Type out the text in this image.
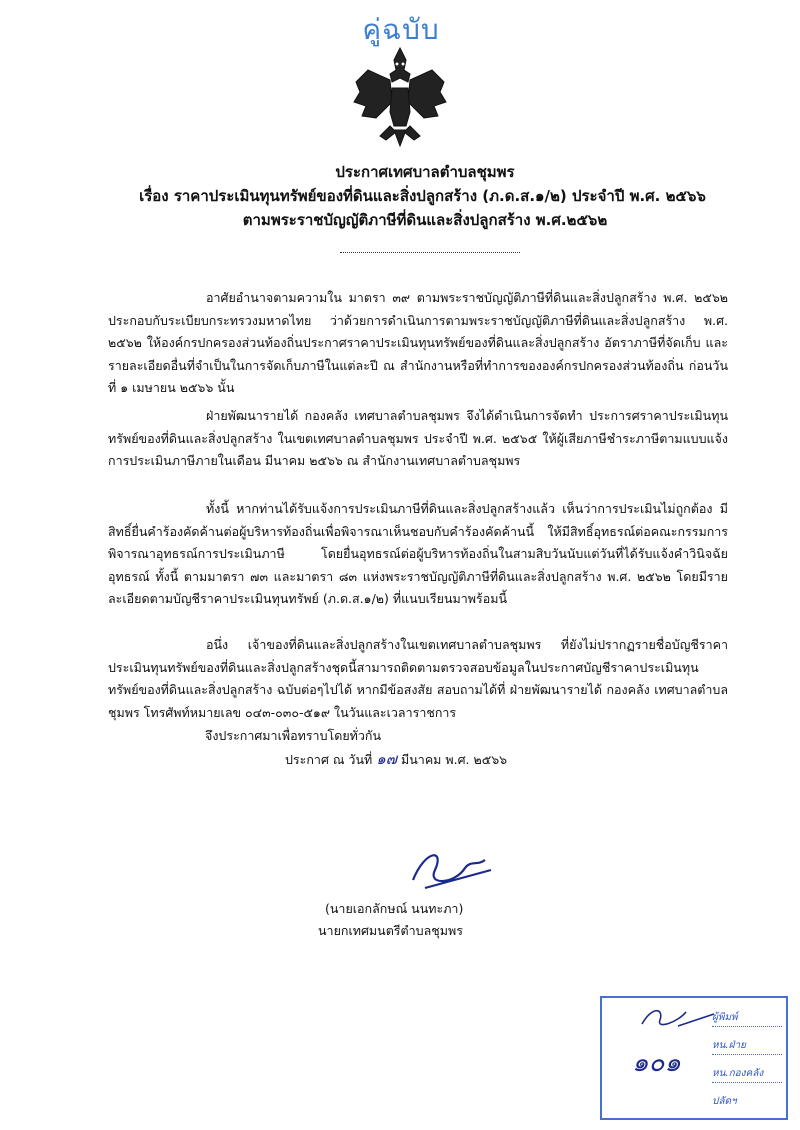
คู่ฉบับ
ประกาศเทศบาลตำบลชุมพร
เรื่อง ราคาประเมินทุนทรัพย์ของที่ดินและสิ่งปลูกสร้าง (ภ.ด.ส.๑/๒) ประจำปี พ.ศ. ๒๕๖๖
ตามพระราชบัญญัติภาษีที่ดินและสิ่งปลูกสร้าง พ.ศ.๒๕๖๒
อาศัยอำนาจตามความใน มาตรา ๓๙ ตามพระราชบัญญัติภาษีที่ดินและสิ่งปลูกสร้าง พ.ศ. ๒๕๖๒ ประกอบกับระเบียบกระทรวงมหาดไทย ว่าด้วยการดำเนินการตามพระราชบัญญัติภาษีที่ดินและสิ่งปลูกสร้าง พ.ศ. ๒๕๖๒ ให้องค์กรปกครองส่วนท้องถิ่นประกาศราคาประเมินทุนทรัพย์ของที่ดินและสิ่งปลูกสร้าง อัตราภาษีที่จัดเก็บ และรายละเอียดอื่นที่จำเป็นในการจัดเก็บภาษีในแต่ละปี ณ สำนักงานหรือที่ทำการขององค์กรปกครองส่วนท้องถิ่น ก่อนวันที่ ๑ เมษายน ๒๕๖๖ นั้น
ฝ่ายพัฒนารายได้ กองคลัง เทศบาลตำบลชุมพร จึงได้ดำเนินการจัดทำ ประการศราคาประเมินทุนทรัพย์ของที่ดินและสิ่งปลูกสร้าง ในเขตเทศบาลตำบลชุมพร ประจำปี พ.ศ. ๒๕๖๕ ให้ผู้เสียภาษีชำระภาษีตามแบบแจ้งการประเมินภาษีภายในเดือน มีนาคม ๒๕๖๖ ณ สำนักงานเทศบาลตำบลชุมพร
ทั้งนี้ หากท่านได้รับแจ้งการประเมินภาษีที่ดินและสิ่งปลูกสร้างแล้ว เห็นว่าการประเมินไม่ถูกต้อง มีสิทธิ์ยื่นคำร้องคัดค้านต่อผู้บริหารท้องถิ่นเพื่อพิจารณาเห็นชอบกับคำร้องคัดค้านนี้ ให้มีสิทธิ์อุทธรณ์ต่อคณะกรรมการพิจารณาอุทธรณ์การประเมินภาษี โดยยื่นอุทธรณ์ต่อผู้บริหารท้องถิ่นในสามสิบวันนับแต่วันที่ได้รับแจ้งคำวินิจฉัยอุทธรณ์ ทั้งนี้ ตามมาตรา ๗๓ และมาตรา ๘๓ แห่งพระราชบัญญัติภาษีที่ดินและสิ่งปลูกสร้าง พ.ศ. ๒๕๖๒ โดยมีรายละเอียดตามบัญชีราคาประเมินทุนทรัพย์ (ภ.ด.ส.๑/๒) ที่แนบเรียนมาพร้อมนี้
อนึ่ง เจ้าของที่ดินและสิ่งปลูกสร้างในเขตเทศบาลตำบลชุมพร ที่ยังไม่ปรากฏรายชื่อบัญชีราคาประเมินทุนทรัพย์ของที่ดินและสิ่งปลูกสร้างชุดนี้สามารถติดตามตรวจสอบข้อมูลในประกาศบัญชีราคาประเมินทุนทรัพย์ของที่ดินและสิ่งปลูกสร้าง ฉบับต่อๆไปได้ หากมีข้อสงสัย สอบถามได้ที่ ฝ่ายพัฒนารายได้ กองคลัง เทศบาลตำบลชุมพร โทรศัพท์หมายเลข ๐๔๓-๐๓๐-๕๑๙ ในวันและเวลาราชการ
จึงประกาศมาเพื่อทราบโดยทั่วกัน
ประกาศ ณ วันที่ ๑๗ มีนาคม พ.ศ. ๒๕๖๖
(นายเอกลักษณ์ นนทะภา)
นายกเทศมนตรีตำบลชุมพร
๑๐๑
ผู้พิมพ์
หน.ฝ่าย
หน.กองคลัง
ปลัดฯ
